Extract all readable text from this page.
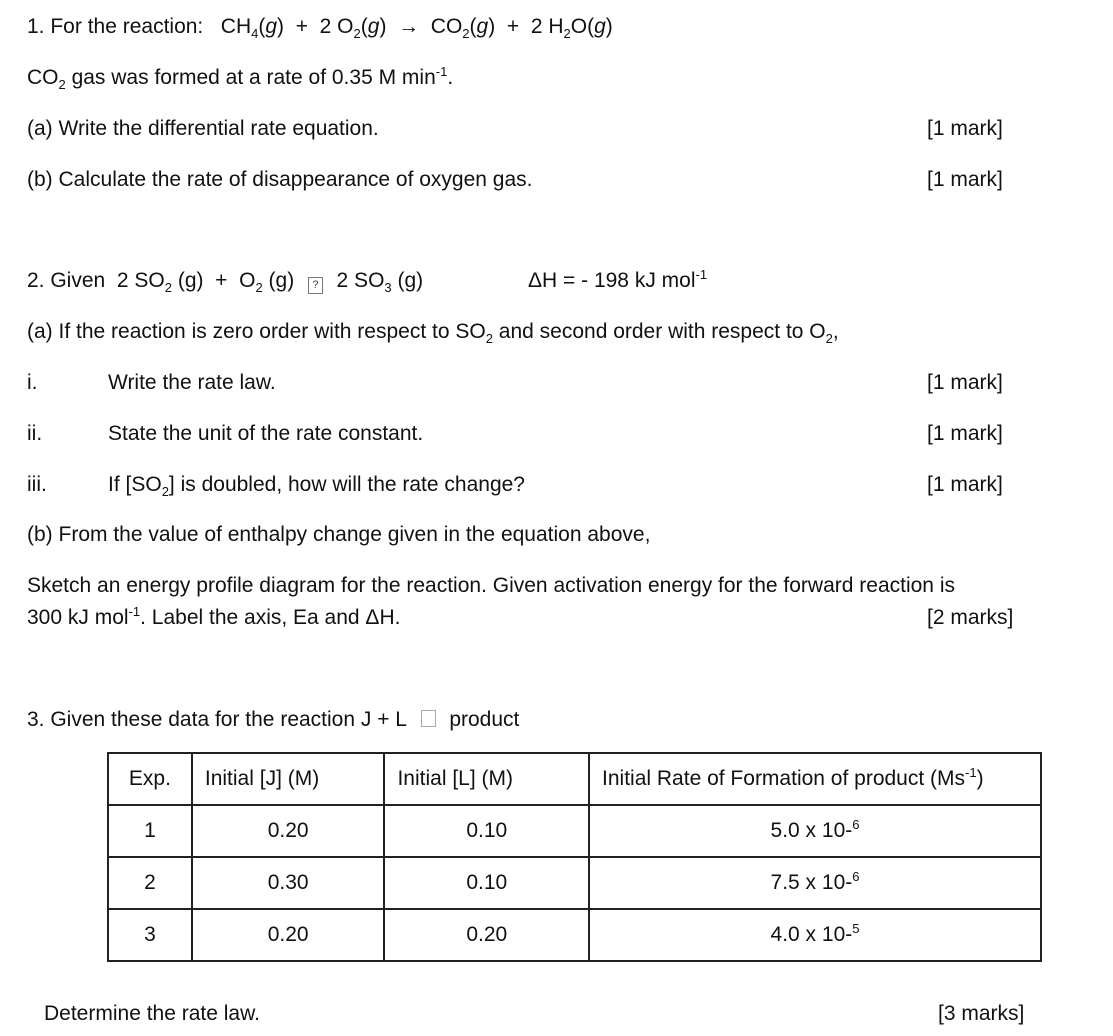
1. For the reaction: $CH_4(g) + 2$ $O_2(g) \to CO_2(g) + 2$ $H_2O(g)$
$CO_2$ gas was formed at a rate of 0.35 M $\min^{-1}$.
(a) Write the differential rate equation.	[1 mark]
(b) Calculate the rate of disappearance of oxygen gas.	[1 mark]
2. Given 2 $SO_2$ $(g) + O_2$ (g) ? 2 $SO_3$ (g)	ΔH = - 198 kJ mol$^{-1}$
(a) If the reaction is zero order with respect to $SO_2$ and second order with respect to $O_2$,
i.	Write the rate law.	[1 mark]
ii.	State the unit of the rate constant.	[1 mark]
iii.	If $[SO_2]$ is doubled, how will the rate change?	[1 mark]
(b) From the value of enthalpy change given in the equation above,
Sketch an energy profile diagram for the reaction. Given activation energy for the forward reaction is
300 kJ mol$^{-1}$. Label the axis, Ea and ΔH.	[2 marks]
3. Given these data for the reaction J + L product
Exp.	Initial [J] (M)	Initial [L] (M)	Initial Rate of Formation of product $(Ms^{-1})$
1	0.20	0.10	5.0 x 10-$^6$
2	0.30	0.10	7.5 x 10-$^6$
3	0.20	0.20	4.0 x 10-$^5$
Determine the rate law.	[3 marks]
